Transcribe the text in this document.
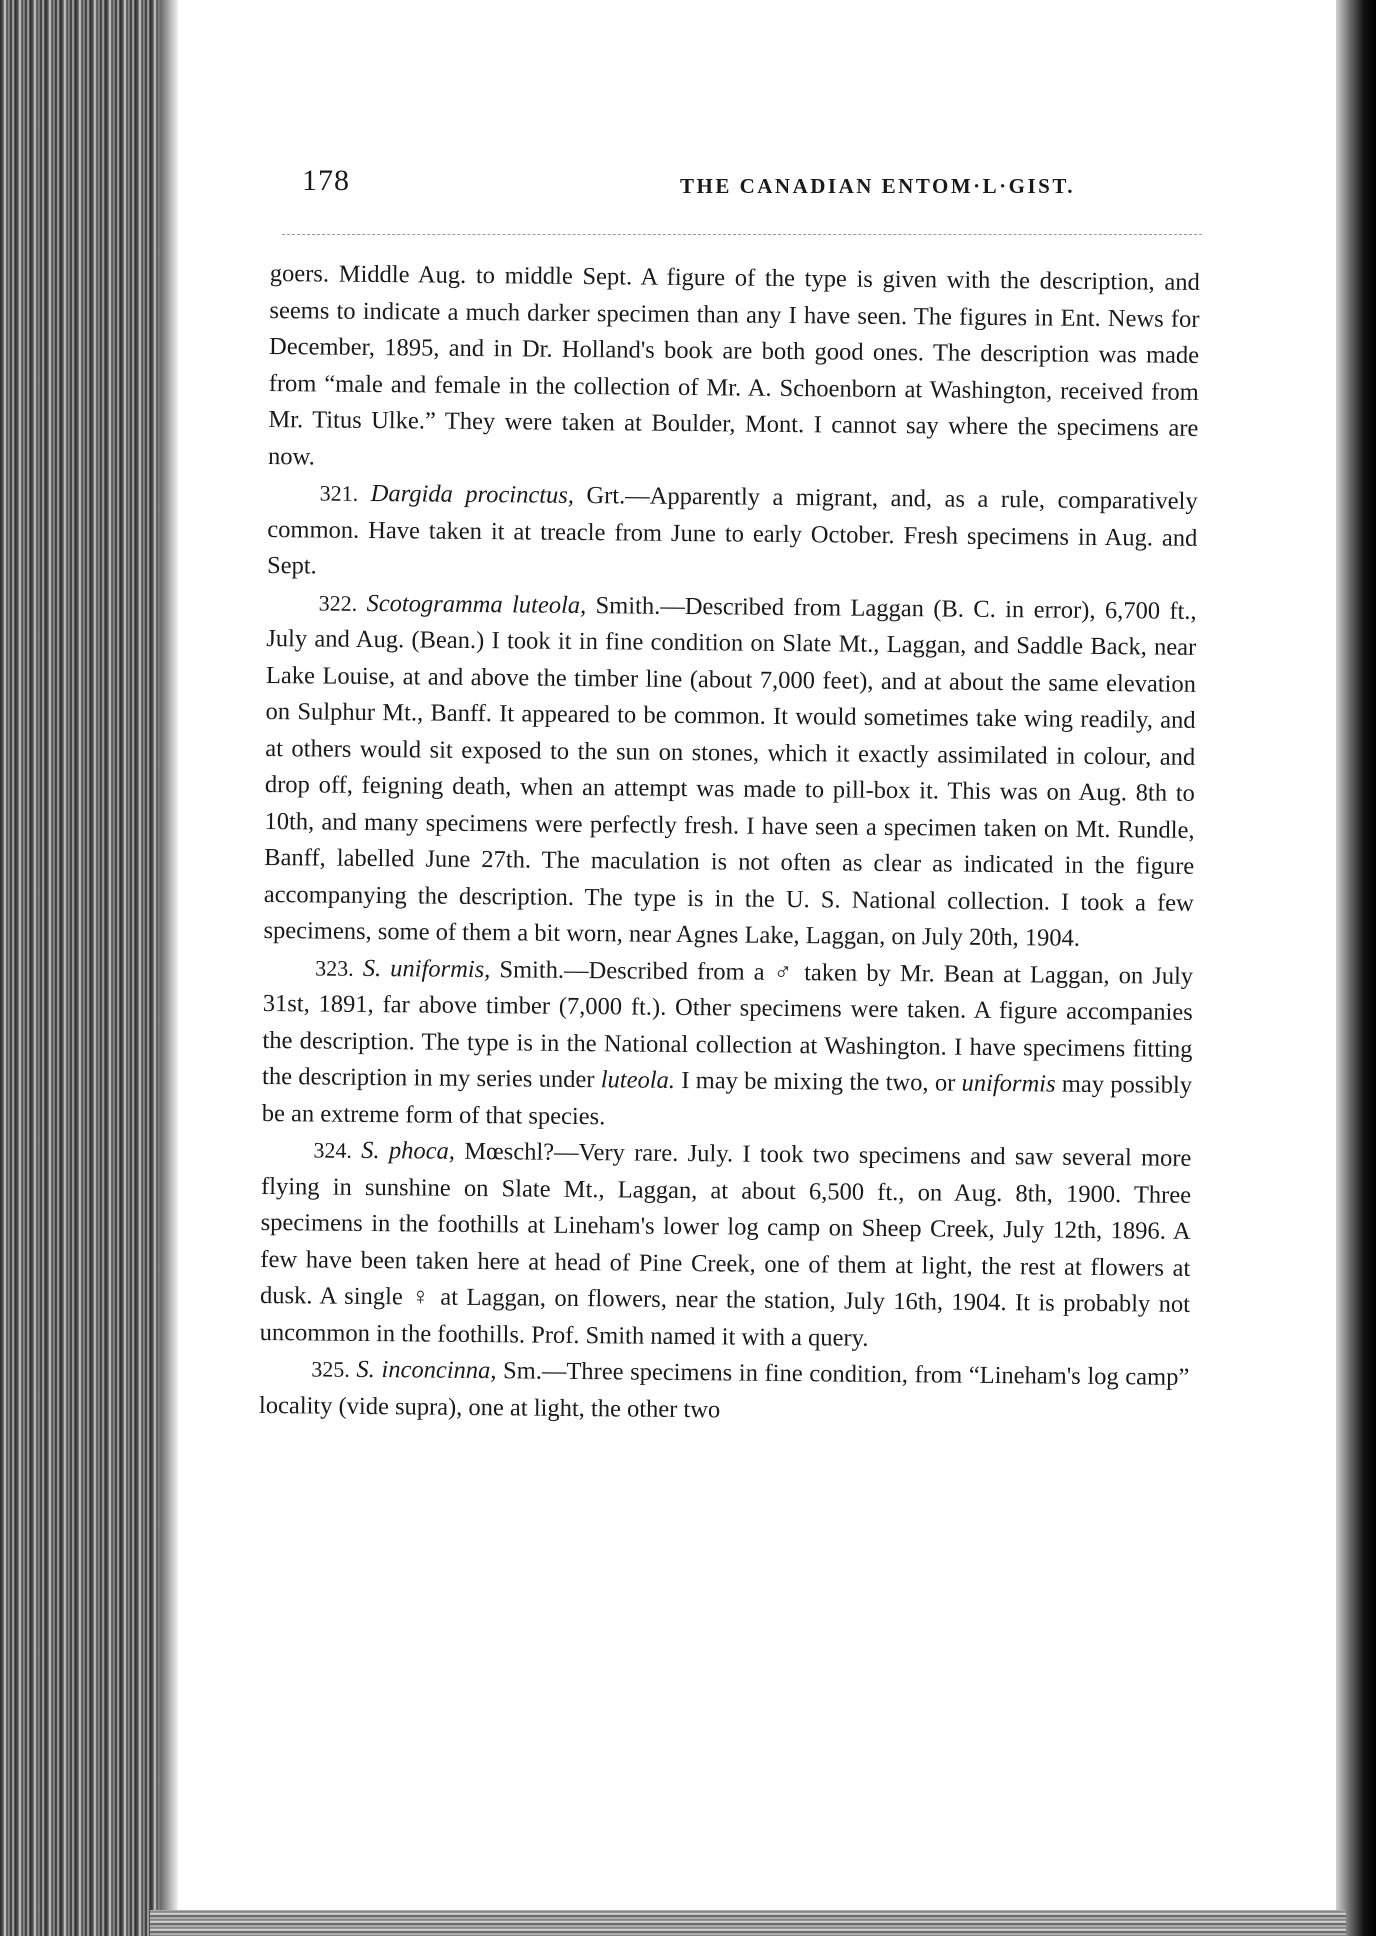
178	THE CANADIAN ENTOM·L·GIST.

goers. Middle Aug. to middle Sept. A figure of the type is given with the description, and seems to indicate a much darker specimen than any I have seen. The figures in Ent. News for December, 1895, and in Dr. Holland's book are both good ones. The description was made from “male and female in the collection of Mr. A. Schoenborn at Washington, received from Mr. Titus Ulke.” They were taken at Boulder, Mont. I cannot say where the specimens are now.

321. Dargida procinctus, Grt.—Apparently a migrant, and, as a rule, comparatively common. Have taken it at treacle from June to early October. Fresh specimens in Aug. and Sept.

322. Scotogramma luteola, Smith.—Described from Laggan (B. C. in error), 6,700 ft., July and Aug. (Bean.) I took it in fine condition on Slate Mt., Laggan, and Saddle Back, near Lake Louise, at and above the timber line (about 7,000 feet), and at about the same elevation on Sulphur Mt., Banff. It appeared to be common. It would sometimes take wing readily, and at others would sit exposed to the sun on stones, which it exactly assimilated in colour, and drop off, feigning death, when an attempt was made to pill-box it. This was on Aug. 8th to 10th, and many specimens were perfectly fresh. I have seen a specimen taken on Mt. Rundle, Banff, labelled June 27th. The maculation is not often as clear as indicated in the figure accompanying the description. The type is in the U. S. National collection. I took a few specimens, some of them a bit worn, near Agnes Lake, Laggan, on July 20th, 1904.

323. S. uniformis, Smith.—Described from a ♂ taken by Mr. Bean at Laggan, on July 31st, 1891, far above timber (7,000 ft.). Other specimens were taken. A figure accompanies the description. The type is in the National collection at Washington. I have specimens fitting the description in my series under luteola. I may be mixing the two, or uniformis may possibly be an extreme form of that species.

324. S. phoca, Mœschl?—Very rare. July. I took two specimens and saw several more flying in sunshine on Slate Mt., Laggan, at about 6,500 ft., on Aug. 8th, 1900. Three specimens in the foothills at Lineham's lower log camp on Sheep Creek, July 12th, 1896. A few have been taken here at head of Pine Creek, one of them at light, the rest at flowers at dusk. A single ♀ at Laggan, on flowers, near the station, July 16th, 1904. It is probably not uncommon in the foothills. Prof. Smith named it with a query.

325. S. inconcinna, Sm.—Three specimens in fine condition, from “Lineham's log camp” locality (vide supra), one at light, the other two
